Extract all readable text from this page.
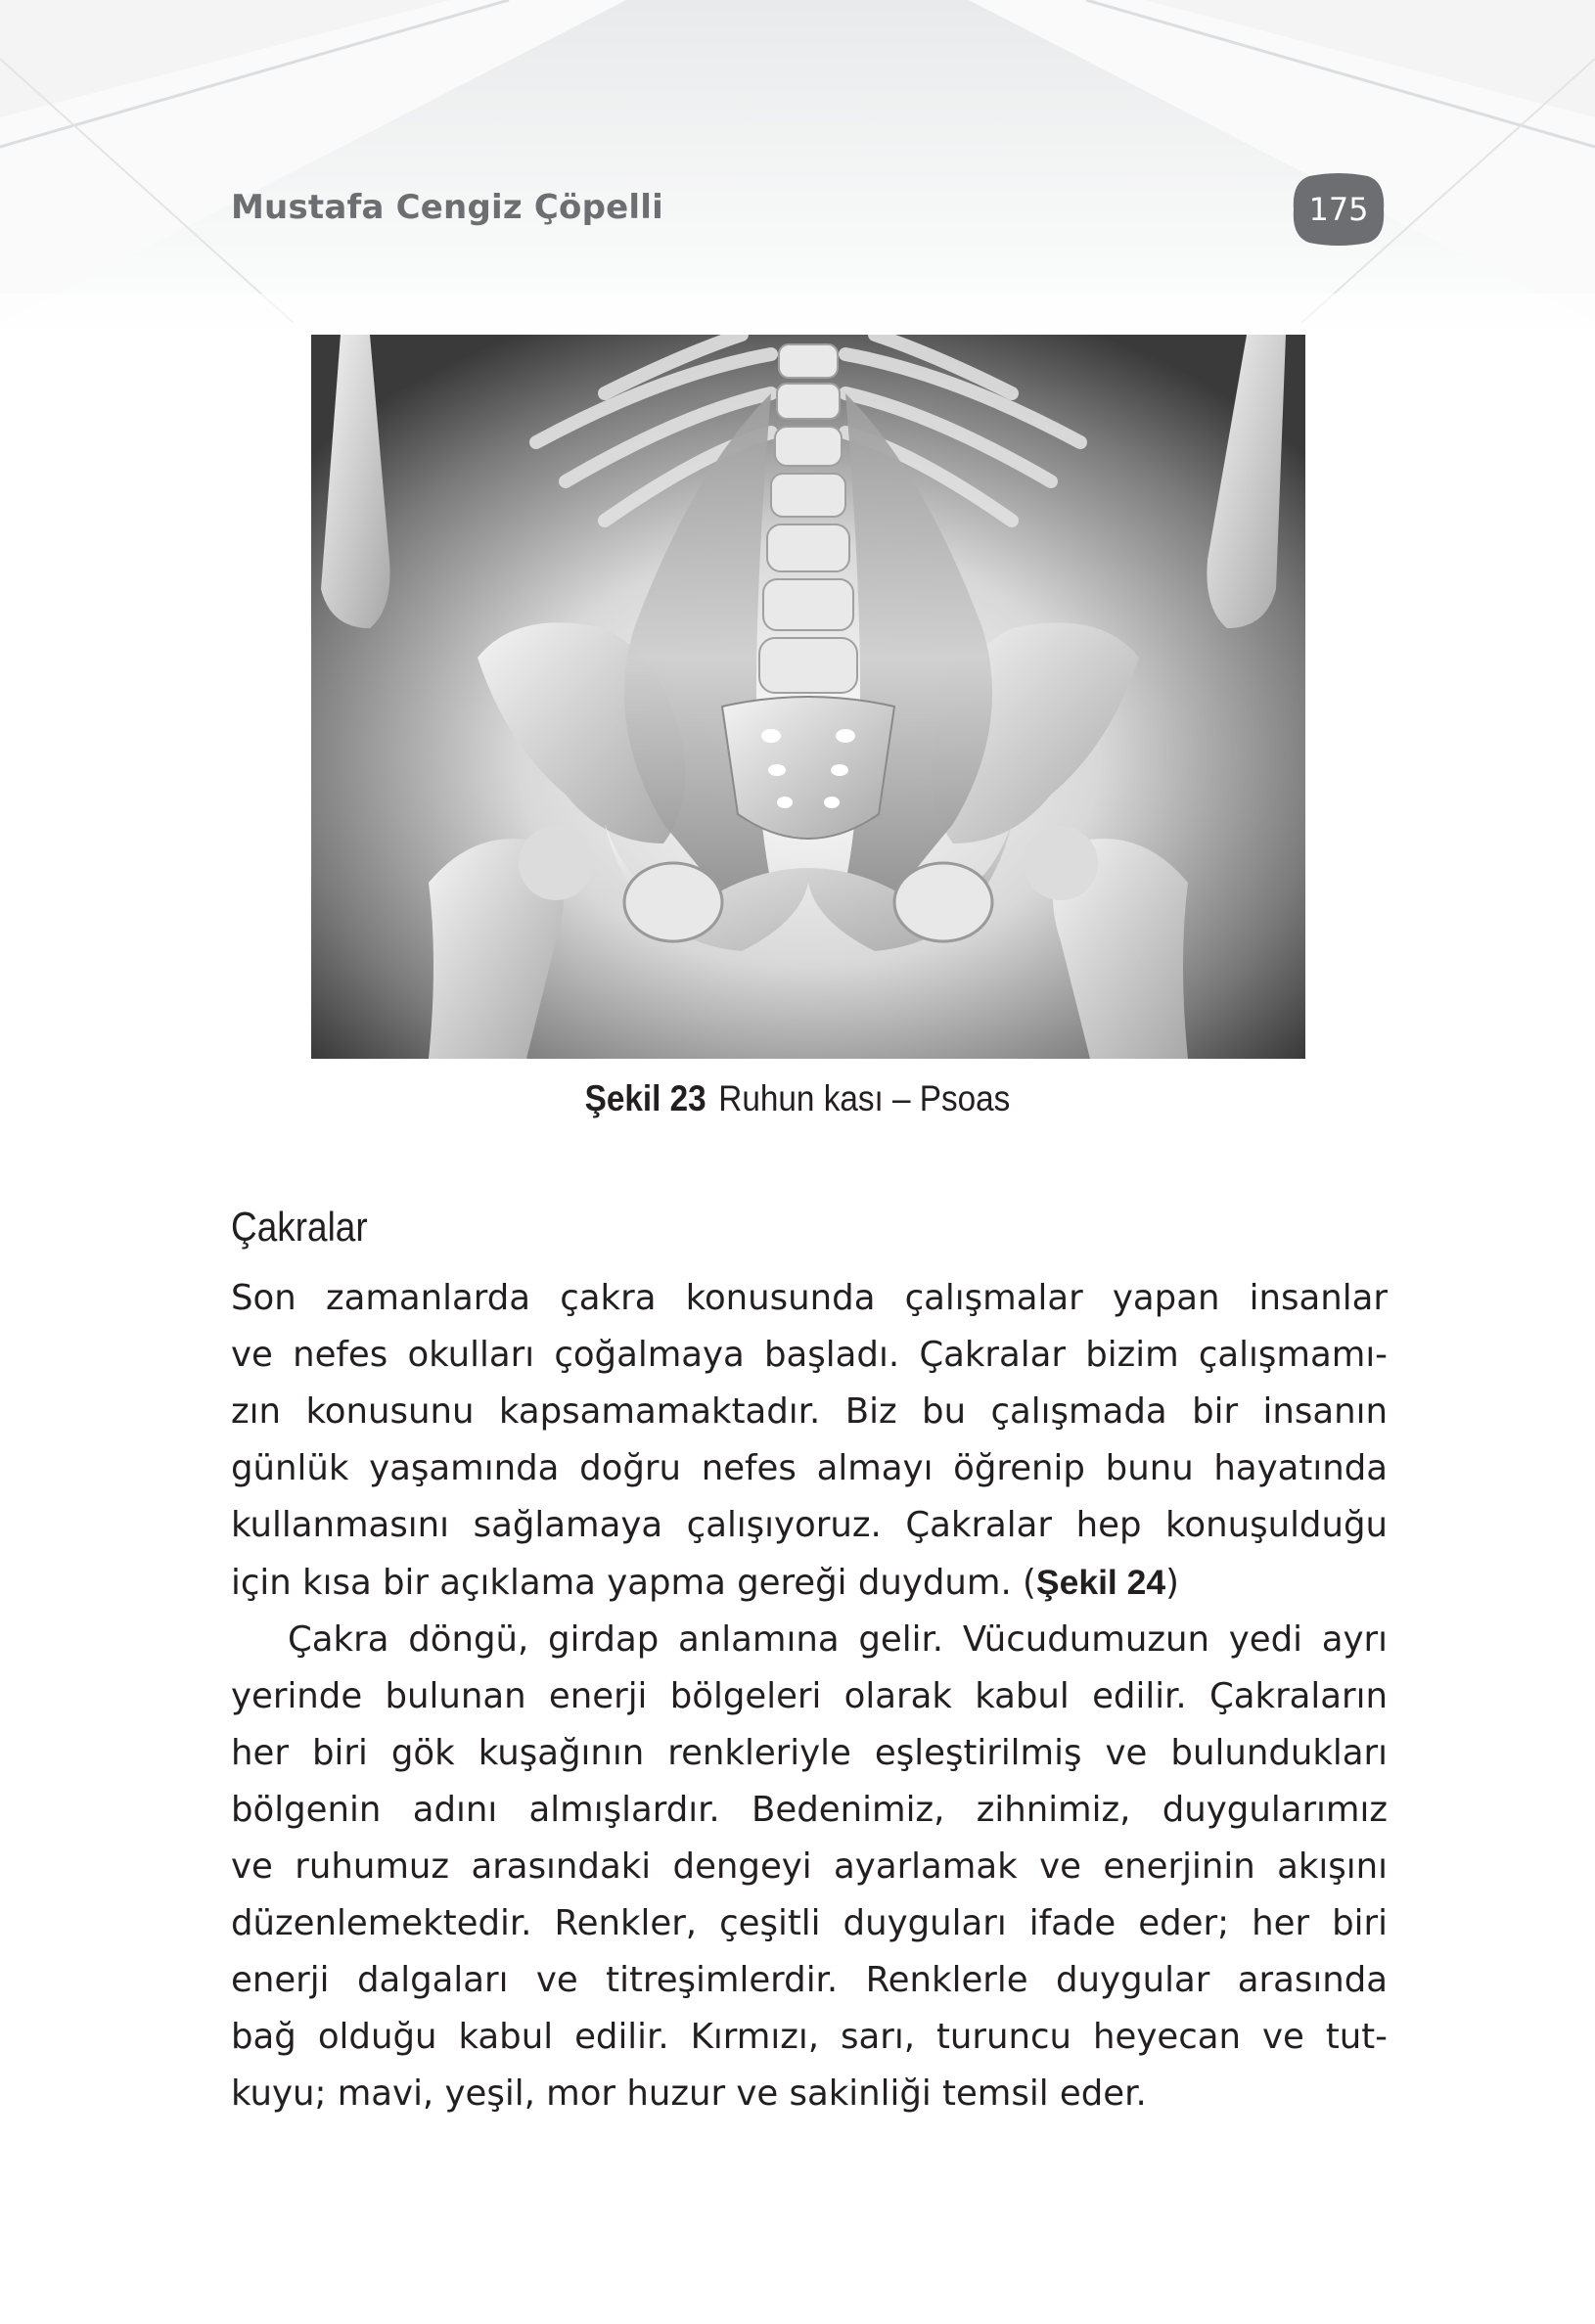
Mustafa Cengiz Çöpelli	175
Şekil 23 Ruhun kası – Psoas
Çakralar

Son zamanlarda çakra konusunda çalışmalar yapan insanlar
ve nefes okulları çoğalmaya başladı. Çakralar bizim çalışmamı-
zın konusunu kapsamamaktadır. Biz bu çalışmada bir insanın
günlük yaşamında doğru nefes almayı öğrenip bunu hayatında
kullanmasını sağlamaya çalışıyoruz. Çakralar hep konuşulduğu
için kısa bir açıklama yapma gereği duydum. (Şekil 24)

Çakra döngü, girdap anlamına gelir. Vücudumuzun yedi ayrı
yerinde bulunan enerji bölgeleri olarak kabul edilir. Çakraların
her biri gök kuşağının renkleriyle eşleştirilmiş ve bulundukları
bölgenin adını almışlardır. Bedenimiz, zihnimiz, duygularımız
ve ruhumuz arasındaki dengeyi ayarlamak ve enerjinin akışını
düzenlemektedir. Renkler, çeşitli duyguları ifade eder; her biri
enerji dalgaları ve titreşimlerdir. Renklerle duygular arasında
bağ olduğu kabul edilir. Kırmızı, sarı, turuncu heyecan ve tut-
kuyu; mavi, yeşil, mor huzur ve sakinliği temsil eder.
